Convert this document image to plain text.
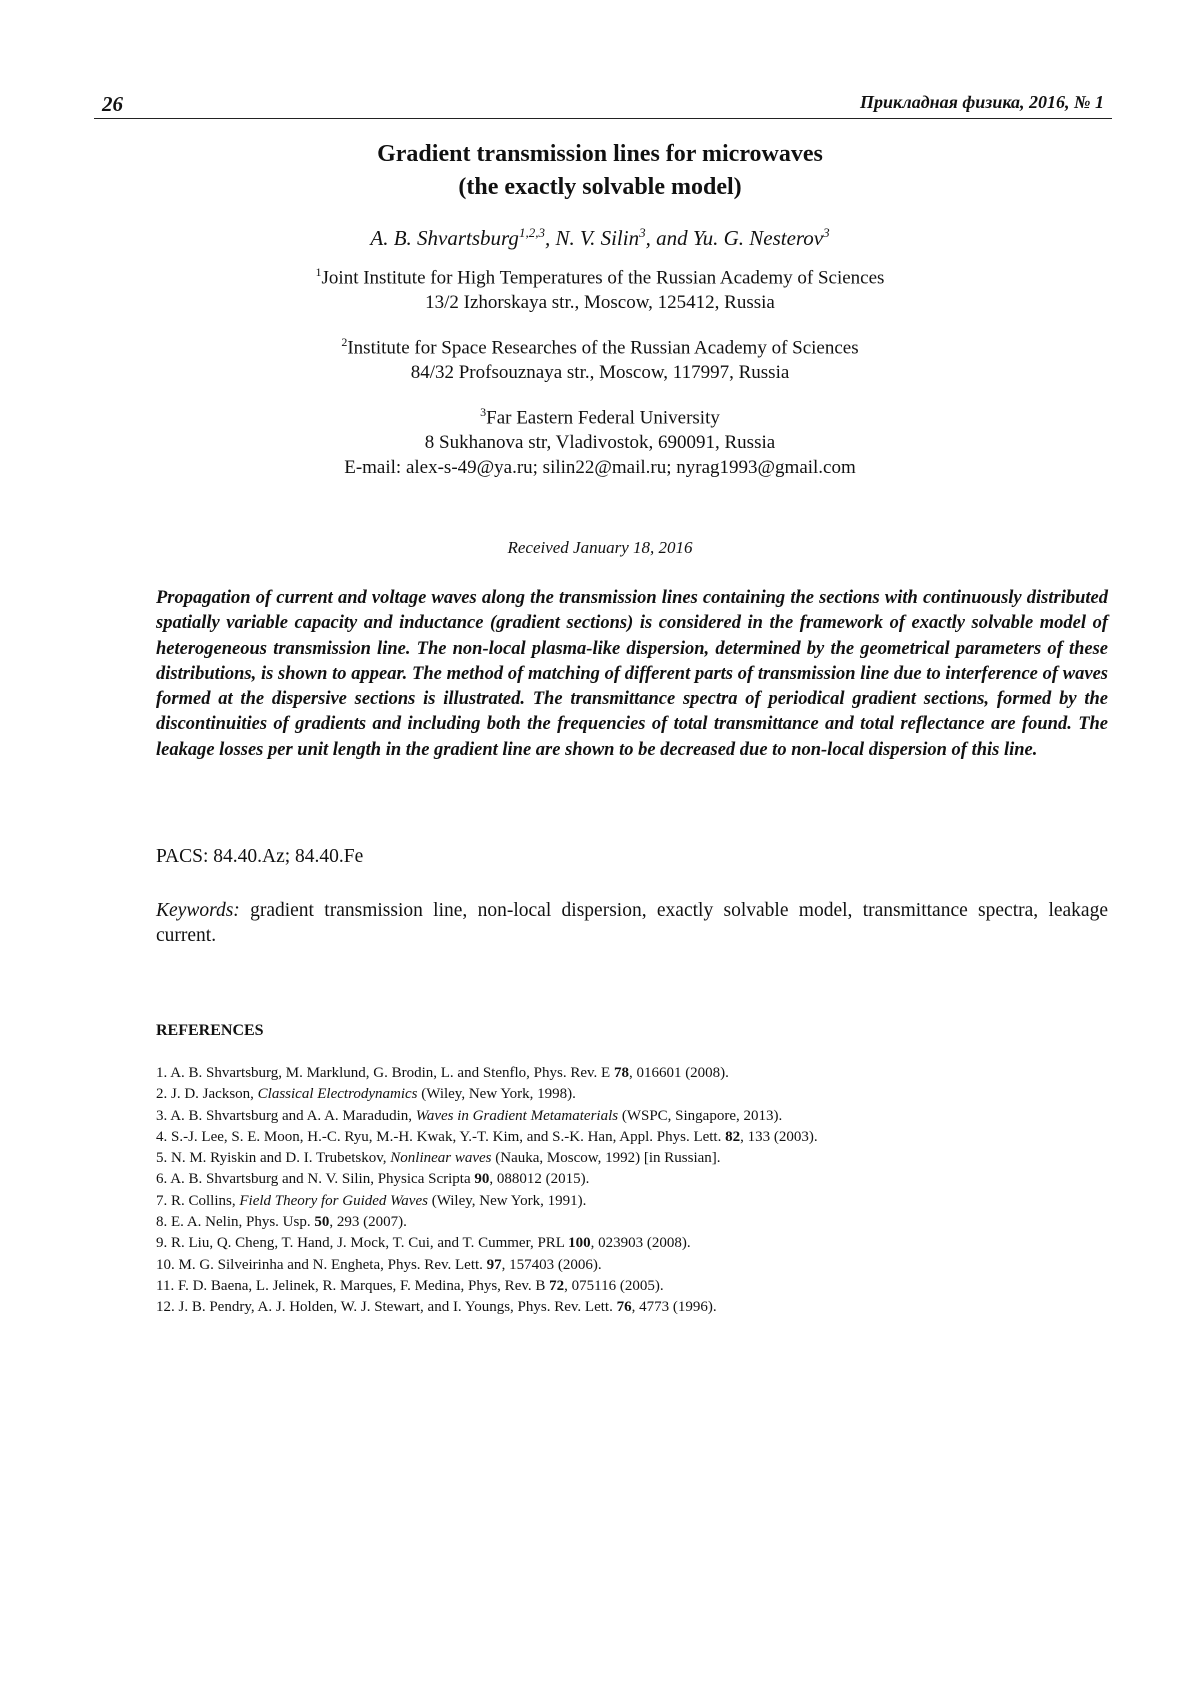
26	Прикладная физика, 2016, № 1
Gradient transmission lines for microwaves
(the exactly solvable model)
A. B. Shvartsburg$^{1,2,3}$, N. V. Silin$^3$, and Yu. G. Nesterov$^3$
$^1$Joint Institute for High Temperatures of the Russian Academy of Sciences
13/2 Izhorskaya str., Moscow, 125412, Russia
$^2$Institute for Space Researches of the Russian Academy of Sciences
84/32 Profsouznaya str., Moscow, 117997, Russia
$^3$Far Eastern Federal University
8 Sukhanova str, Vladivostok, 690091, Russia
E-mail: alex-s-49@ya.ru; silin22@mail.ru; nyrag1993@gmail.com
Received January 18, 2016

Propagation of current and voltage waves along the transmission lines containing the sections with continuously distributed spatially variable capacity and inductance (gradient sections) is considered in the framework of exactly solvable model of heterogeneous transmission line. The non-local plasma-like dispersion, determined by the geometrical parameters of these distributions, is shown to appear. The method of matching of different parts of transmission line due to interference of waves formed at the dispersive sections is illustrated. The transmittance spectra of periodical gradient sections, formed by the discontinuities of gradients and including both the frequencies of total transmittance and total reflectance are found. The leakage losses per unit length in the gradient line are shown to be decreased due to non-local dispersion of this line.

PACS: 84.40.Az; 84.40.Fe

Keywords: gradient transmission line, non-local dispersion, exactly solvable model, transmittance spectra, leakage current.

REFERENCES
1. A. B. Shvartsburg, M. Marklund, G. Brodin, L. and Stenflo, Phys. Rev. E 78, 016601 (2008).
2. J. D. Jackson, Classical Electrodynamics (Wiley, New York, 1998).
3. A. B. Shvartsburg and A. A. Maradudin, Waves in Gradient Metamaterials (WSPC, Singapore, 2013).
4. S.-J. Lee, S. E. Moon, H.-C. Ryu, M.-H. Kwak, Y.-T. Kim, and S.-K. Han, Appl. Phys. Lett. 82, 133 (2003).
5. N. M. Ryiskin and D. I. Trubetskov, Nonlinear waves (Nauka, Moscow, 1992) [in Russian].
6. A. B. Shvartsburg and N. V. Silin, Physica Scripta 90, 088012 (2015).
7. R. Collins, Field Theory for Guided Waves (Wiley, New York, 1991).
8. E. A. Nelin, Phys. Usp. 50, 293 (2007).
9. R. Liu, Q. Cheng, T. Hand, J. Mock, T. Cui, and T. Cummer, PRL 100, 023903 (2008).
10. M. G. Silveirinha and N. Engheta, Phys. Rev. Lett. 97, 157403 (2006).
11. F. D. Baena, L. Jelinek, R. Marques, F. Medina, Phys, Rev. B 72, 075116 (2005).
12. J. B. Pendry, A. J. Holden, W. J. Stewart, and I. Youngs, Phys. Rev. Lett. 76, 4773 (1996).
